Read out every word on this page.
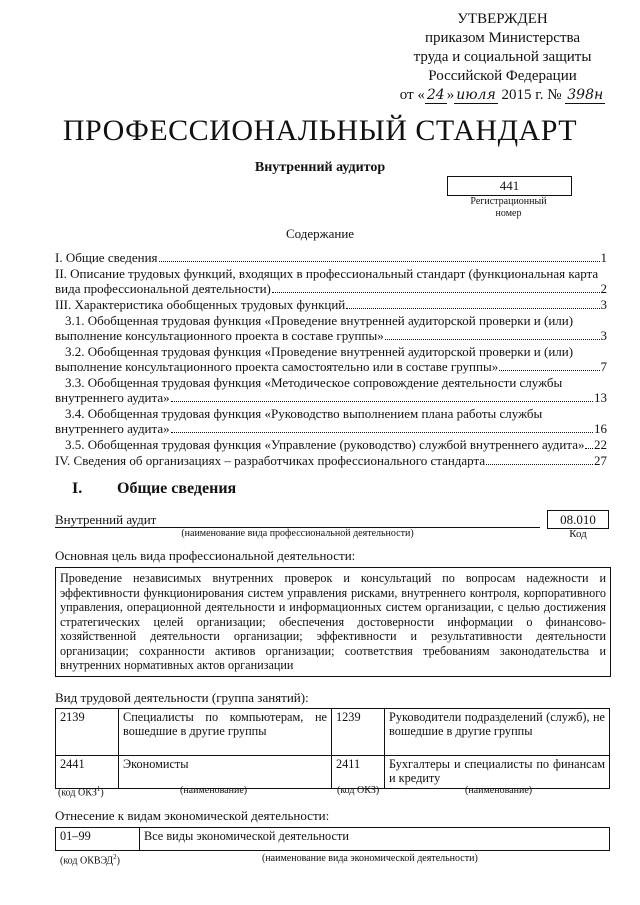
УТВЕРЖДЕН
приказом Министерства
труда и социальной защиты
Российской Федерации
от « 24 » июля 2015 г. № 398н
ПРОФЕССИОНАЛЬНЫЙ СТАНДАРТ
Внутренний аудитор
441
Регистрационный
номер
Содержание
I. Общие сведения	1
II. Описание трудовых функций, входящих в профессиональный стандарт (функциональная карта
вида профессиональной деятельности)	2
III. Характеристика обобщенных трудовых функций	3
3.1. Обобщенная трудовая функция «Проведение внутренней аудиторской проверки и (или)
выполнение консультационного проекта в составе группы»	3
3.2. Обобщенная трудовая функция «Проведение внутренней аудиторской проверки и (или)
выполнение консультационного проекта самостоятельно или в составе группы»	7
3.3. Обобщенная трудовая функция «Методическое сопровождение деятельности службы
внутреннего аудита»	13
3.4. Обобщенная трудовая функция «Руководство выполнением плана работы службы
внутреннего аудита»	16
3.5. Обобщенная трудовая функция «Управление (руководство) службой внутреннего аудита» 22
IV. Сведения об организациях – разработчиках профессионального стандарта	27
I. Общие сведения
Внутренний аудит
(наименование вида профессиональной деятельности)
08.010
Код
Основная цель вида профессиональной деятельности:
Проведение независимых внутренних проверок и консультаций по вопросам надежности и эффективности функционирования систем управления рисками, внутреннего контроля, корпоративного управления, операционной деятельности и информационных систем организации, с целью достижения стратегических целей организации; обеспечения достоверности информации о финансово-хозяйственной деятельности организации; эффективности и результативности деятельности организации; сохранности активов организации; соответствия требованиям законодательства и внутренних нормативных актов организации
Вид трудовой деятельности (группа занятий):
2139	Специалисты по компьютерам, не вошедшие в другие группы	1239	Руководители подразделений (служб), не вошедшие в другие группы
2441	Экономисты	2411	Бухгалтеры и специалисты по финансам и кредиту
(код ОКЗ$^1$)	(наименование)	(код ОКЗ)	(наименование)
Отнесение к видам экономической деятельности:
01–99	Все виды экономической деятельности
(код ОКВЭД$^2$)	(наименование вида экономической деятельности)
